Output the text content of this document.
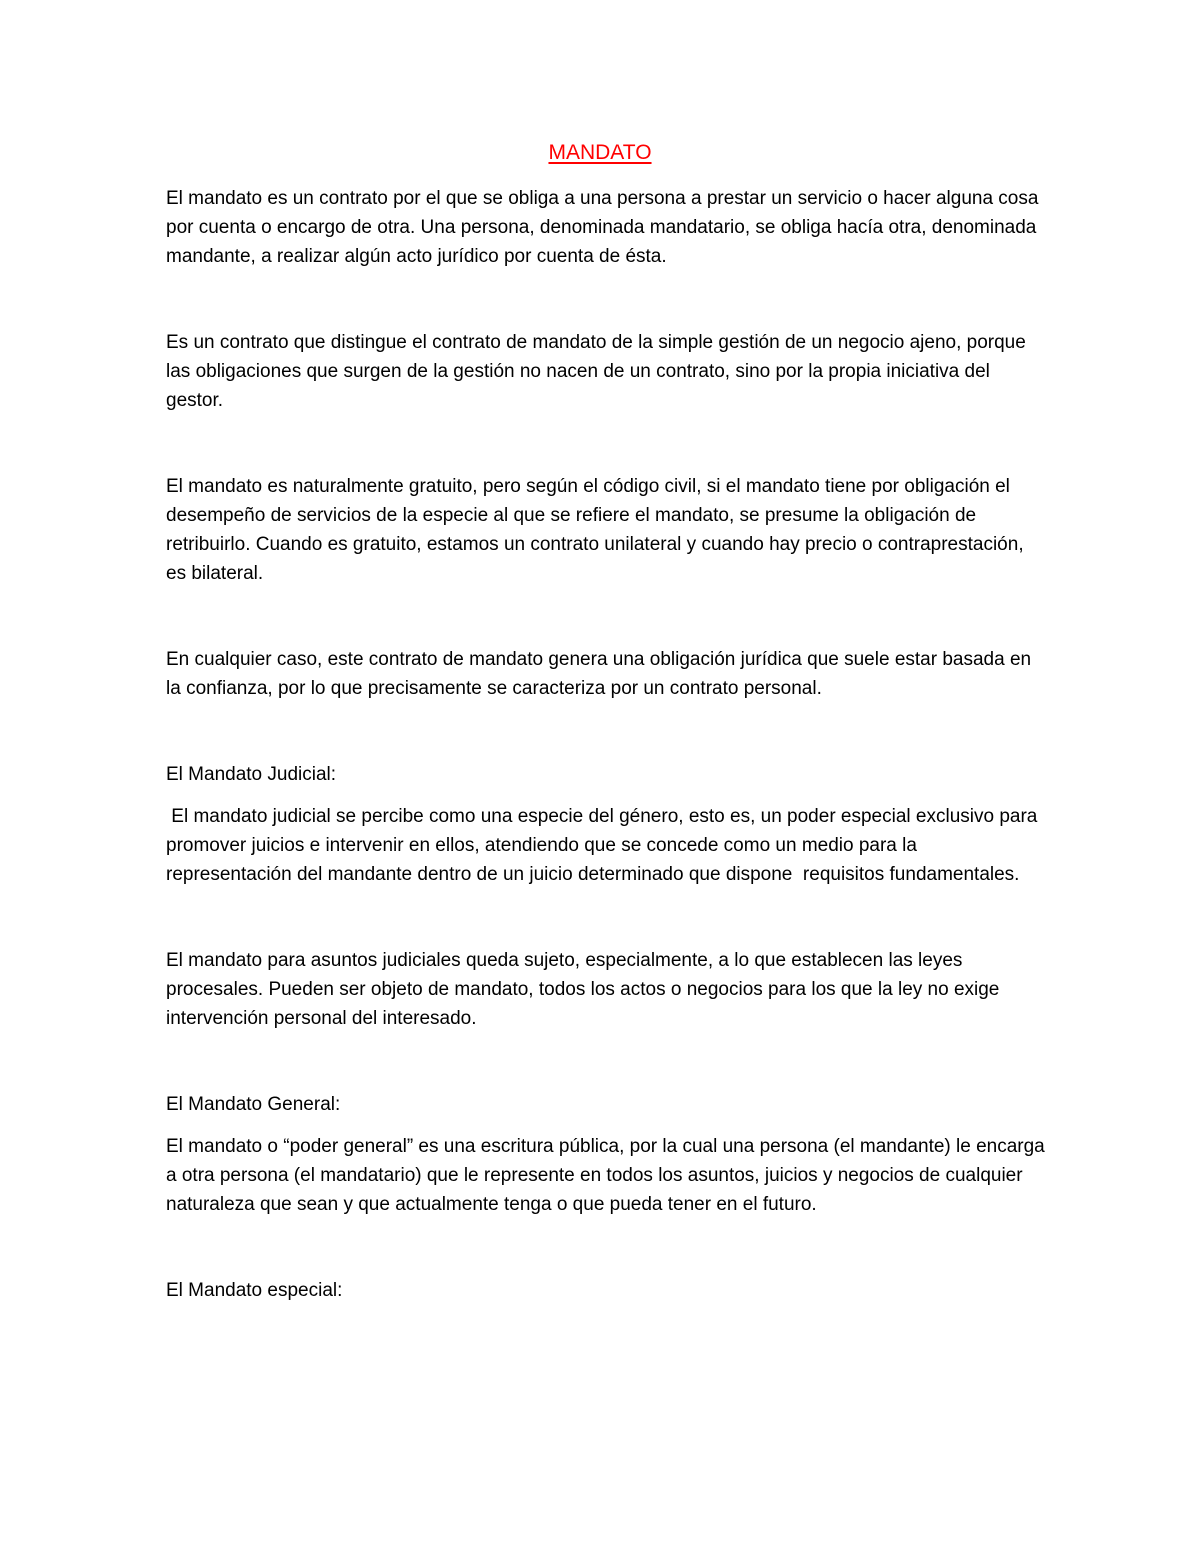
MANDATO

El mandato es un contrato por el que se obliga a una persona a prestar un servicio o hacer alguna cosa por cuenta o encargo de otra. Una persona, denominada mandatario, se obliga hacía otra, denominada mandante, a realizar algún acto jurídico por cuenta de ésta.

Es un contrato que distingue el contrato de mandato de la simple gestión de un negocio ajeno, porque las obligaciones que surgen de la gestión no nacen de un contrato, sino por la propia iniciativa del gestor.

El mandato es naturalmente gratuito, pero según el código civil, si el mandato tiene por obligación el desempeño de servicios de la especie al que se refiere el mandato, se presume la obligación de retribuirlo. Cuando es gratuito, estamos un contrato unilateral y cuando hay precio o contraprestación, es bilateral.

En cualquier caso, este contrato de mandato genera una obligación jurídica que suele estar basada en la confianza, por lo que precisamente se caracteriza por un contrato personal.

El Mandato Judicial:

El mandato judicial se percibe como una especie del género, esto es, un poder especial exclusivo para promover juicios e intervenir en ellos, atendiendo que se concede como un medio para la representación del mandante dentro de un juicio determinado que dispone  requisitos fundamentales.

El mandato para asuntos judiciales queda sujeto, especialmente, a lo que establecen las leyes procesales. Pueden ser objeto de mandato, todos los actos o negocios para los que la ley no exige intervención personal del interesado.

El Mandato General:

El mandato o “poder general” es una escritura pública, por la cual una persona (el mandante) le encarga a otra persona (el mandatario) que le represente en todos los asuntos, juicios y negocios de cualquier naturaleza que sean y que actualmente tenga o que pueda tener en el futuro.

El Mandato especial:
